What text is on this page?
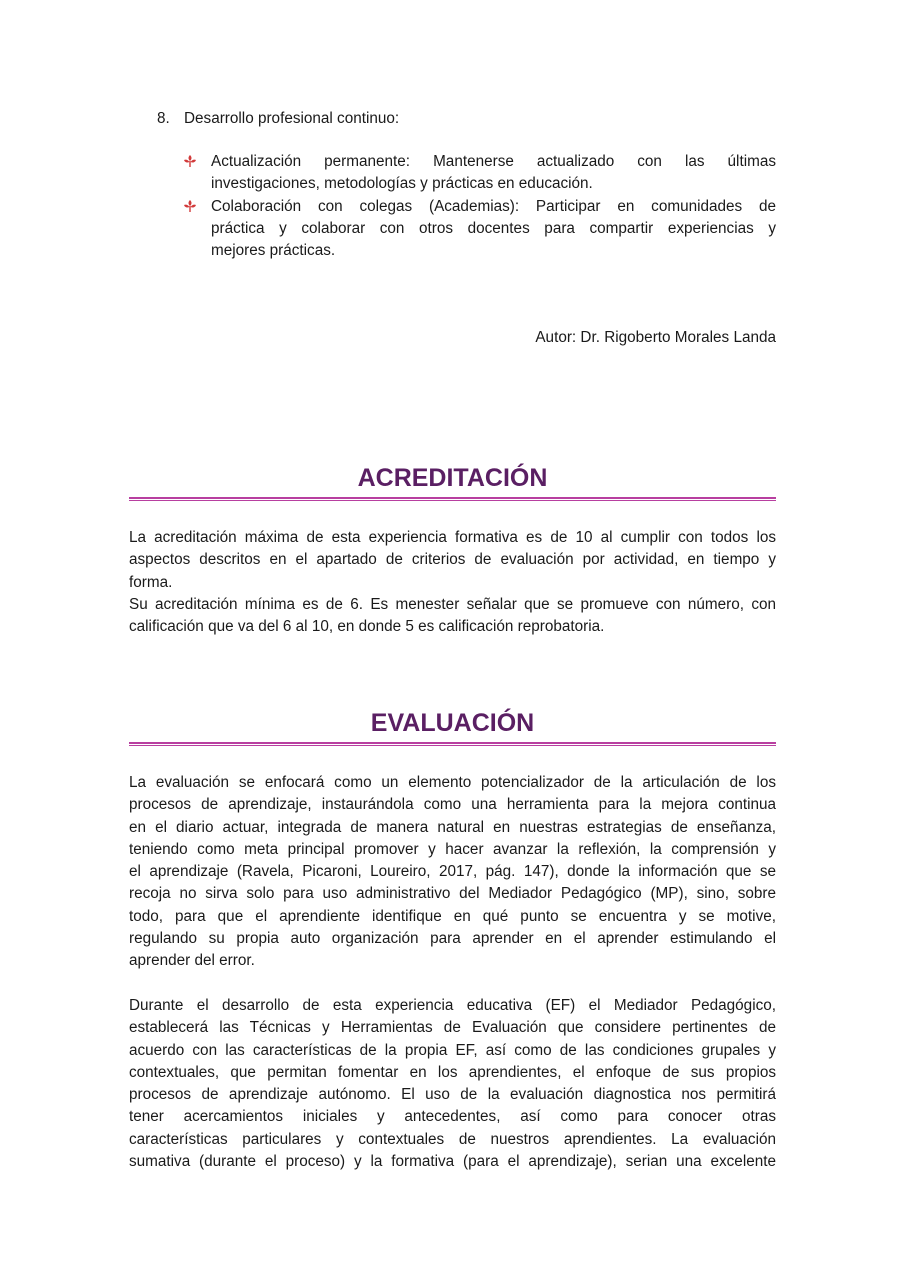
8. Desarrollo profesional continuo:
Actualización permanente: Mantenerse actualizado con las últimas
investigaciones, metodologías y prácticas en educación.
Colaboración con colegas (Academias): Participar en comunidades de
práctica y colaborar con otros docentes para compartir experiencias y
mejores prácticas.
Autor: Dr. Rigoberto Morales Landa
ACREDITACIÓN

La acreditación máxima de esta experiencia formativa es de 10 al cumplir con todos los

aspectos descritos en el apartado de criterios de evaluación por actividad, en tiempo y

forma.

Su acreditación mínima es de 6. Es menester señalar que se promueve con número, con

calificación que va del 6 al 10, en donde 5 es calificación reprobatoria.

EVALUACIÓN

La evaluación se enfocará como un elemento potencializador de la articulación de los

procesos de aprendizaje, instaurándola como una herramienta para la mejora continua

en el diario actuar, integrada de manera natural en nuestras estrategias de enseñanza,

teniendo como meta principal promover y hacer avanzar la reflexión, la comprensión y

el aprendizaje (Ravela, Picaroni, Loureiro, 2017, pág. 147), donde la información que se

recoja no sirva solo para uso administrativo del Mediador Pedagógico (MP), sino, sobre

todo, para que el aprendiente identifique en qué punto se encuentra y se motive,

regulando su propia auto organización para aprender en el aprender estimulando el

aprender del error.

Durante el desarrollo de esta experiencia educativa (EF) el Mediador Pedagógico,

establecerá las Técnicas y Herramientas de Evaluación que considere pertinentes de

acuerdo con las características de la propia EF, así como de las condiciones grupales y

contextuales, que permitan fomentar en los aprendientes, el enfoque de sus propios

procesos de aprendizaje autónomo. El uso de la evaluación diagnostica nos permitirá

tener acercamientos iniciales y antecedentes, así como para conocer otras

características particulares y contextuales de nuestros aprendientes. La evaluación

sumativa (durante el proceso) y la formativa (para el aprendizaje), serian una excelente
